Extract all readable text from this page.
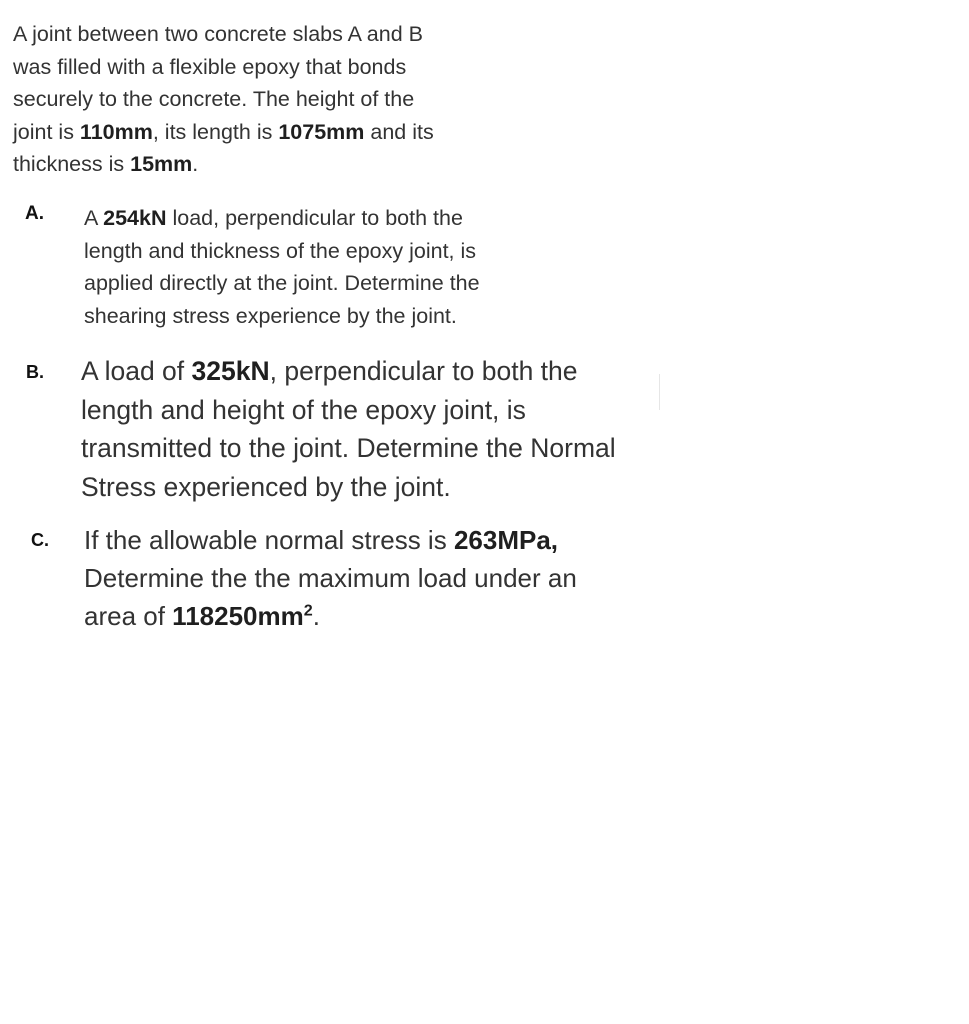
A joint between two concrete slabs A and B

was filled with a flexible epoxy that bonds

securely to the concrete. The height of the

joint is 110mm, its length is 1075mm and its

thickness is 15mm.

A. A 254kN load, perpendicular to both the

length and thickness of the epoxy joint, is

applied directly at the joint. Determine the

shearing stress experience by the joint.

B. A load of 325kN, perpendicular to both the

length and height of the epoxy joint, is

transmitted to the joint. Determine the Normal

Stress experienced by the joint.

C. If the allowable normal stress is 263MPa,

Determine the the maximum load under an

area of $118250mm^2$.
